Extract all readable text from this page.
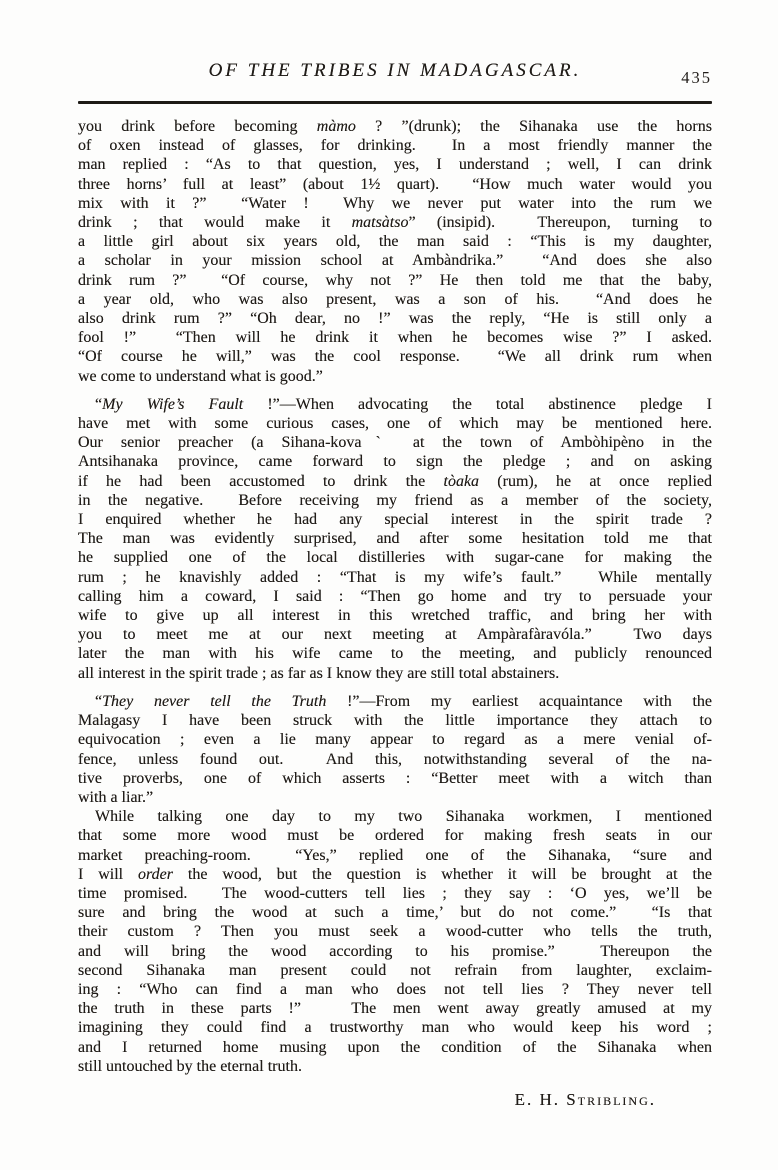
OF THE TRIBES IN MADAGASCAR.	435
you drink before becoming màmo ? ”(drunk); the Sihanaka use the horns
of oxen instead of glasses, for drinking.  In a most friendly manner the
man replied : “As to that question, yes, I understand ; well, I can drink
three horns’ full at least” (about 1½ quart).  “How much water would you
mix with it ?”  “Water !  Why we never put water into the rum we
drink ; that would make it matsàtso” (insipid).  Thereupon, turning to
a little girl about six years old, the man said : “This is my daughter,
a scholar in your mission school at Ambàndrika.”  “And does she also
drink rum ?”  “Of course, why not ?” He then told me that the baby,
a year old, who was also present, was a son of his.  “And does he
also drink rum ?” “Oh dear, no !” was the reply, “He is still only a
fool !”  “Then will he drink it when he becomes wise ?” I asked.
“Of course he will,” was the cool response.  “We all drink rum when
we come to understand what is good.”
“My Wife’s Fault !”—When advocating the total abstinence pledge I
have met with some curious cases, one of which may be mentioned here.
Our senior preacher (a Sihana-kovaˋ at the town of Ambòhipèno in the
Antsihanaka province, came forward to sign the pledge ; and on asking
if he had been accustomed to drink the tòaka (rum), he at once replied
in the negative.  Before receiving my friend as a member of the society,
I enquired whether he had any special interest in the spirit trade ?
The man was evidently surprised, and after some hesitation told me that
he supplied one of the local distilleries with sugar-cane for making the
rum ; he knavishly added : “That is my wife’s fault.”  While mentally
calling him a coward, I said : “Then go home and try to persuade your
wife to give up all interest in this wretched traffic, and bring her with
you to meet me at our next meeting at Ampàrafàravóla.”  Two days
later the man with his wife came to the meeting, and publicly renounced
all interest in the spirit trade ; as far as I know they are still total abstainers.
“They never tell the Truth !”—From my earliest acquaintance with the
Malagasy I have been struck with the little importance they attach to
equivocation ; even a lie many appear to regard as a mere venial of-
fence, unless found out.  And this, notwithstanding several of the na-
tive proverbs, one of which asserts : “Better meet with a witch than
with a liar.”
While talking one day to my two Sihanaka workmen, I mentioned
that some more wood must be ordered for making fresh seats in our
market preaching-room.  “Yes,” replied one of the Sihanaka, “sure and
I will order the wood, but the question is whether it will be brought at the
time promised.  The wood-cutters tell lies ; they say : ‘O yes, we’ll be
sure and bring the wood at such a time,’ but do not come.”  “Is that
their custom ? Then you must seek a wood-cutter who tells the truth,
and will bring the wood according to his promise.”  Thereupon the
second Sihanaka man present could not refrain from laughter, exclaim-
ing : “Who can find a man who does not tell lies ? They never tell
the truth in these parts !”   The men went away greatly amused at my
imagining they could find a trustworthy man who would keep his word ;
and I returned home musing upon the condition of the Sihanaka when
still untouched by the eternal truth.
E. H. Stribling.
